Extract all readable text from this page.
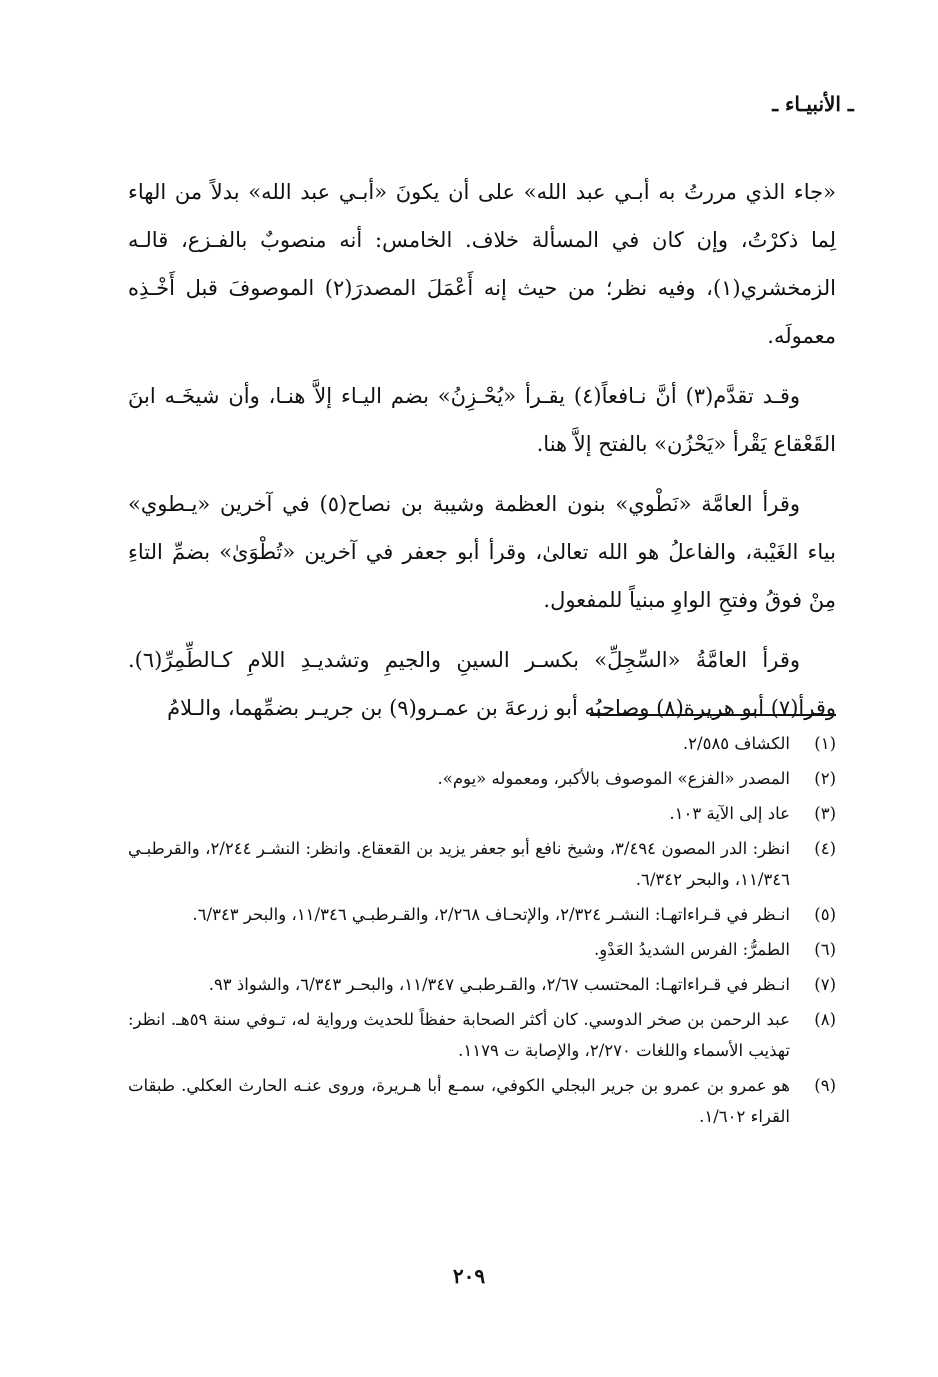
ـ الأنبيـاء ـ

«جاء الذي مررتُ به أبـي عبد الله» على أن يكونَ «أبـي عبد الله» بدلاً من الهاء لِما ذكرْتُ، وإن كان في المسألة خلاف. الخامس: أنه منصوبٌ بالفـزع، قالـه الزمخشري(١)، وفيه نظر؛ من حيث إنه أَعْمَلَ المصدرَ(٢) الموصوفَ قبل أَخْـذِه معمولَه.

وقـد تقدَّم(٣) أنَّ نـافعاً(٤) يقـرأ «يُحْـزِنُ» بضم اليـاء إلاَّ هنـا، وأن شيخَـه ابنَ القَعْقاع يَقْرأ «يَحْزُن» بالفتح إلاَّ هنا.

وقرأ العامَّة «نَطْوي» بنون العظمة وشيبة بن نصاح(٥) في آخرين «يـطوي» بياء الغَيْبة، والفاعلُ هو الله تعالىٰ، وقرأ أبو جعفر في آخرين «تُطْوَىٰ» بضمِّ التاءِ مِنْ فوقُ وفتحِ الواوِ مبنياً للمفعول.

وقرأ العامَّةُ «السِّجِلِّ» بكسـر السينِ والجيمِ وتشديـدِ اللامِ كـالطِّمِرِّ(٦). وقرأ(٧) أبو هريرة(٨) وصاحبُه أبو زرعةَ بن عمـرو(٩) بن جريـر بضمِّهما، والـلامُ

(١)
الكشاف ٢/٥٨٥.
(٢)
المصدر «الفزع» الموصوف بالأكبر، ومعموله «يوم».
(٣)
عاد إلى الآية ١٠٣.
(٤)
انظر: الدر المصون ٣/٤٩٤، وشيخ نافع أبو جعفر يزيد بن القعقاع. وانظر: النشـر ٢/٢٤٤، والقرطبـي ١١/٣٤٦، والبحر ٦/٣٤٢.
(٥)
انـظر في قـراءاتهـا: النشـر ٢/٣٢٤، والإتحـاف ٢/٢٦٨، والقـرطبـي ١١/٣٤٦، والبحر ٦/٣٤٣.
(٦)
الطمرُّ: الفرس الشديدُ العَدْوِ.
(٧)
انـظر في قـراءاتهـا: المحتسب ٢/٦٧، والقـرطبـي ١١/٣٤٧، والبحـر ٦/٣٤٣، والشواذ ٩٣.
(٨)
عبد الرحمن بن صخر الدوسي. كان أكثر الصحابة حفظاً للحديث ورواية له، تـوفي سنة ٥٩هـ. انظر: تهذيب الأسماء واللغات ٢/٢٧٠، والإصابة ت ١١٧٩.
(٩)
هو عمرو بن عمرو بن جرير البجلي الكوفي، سمـع أبا هـريرة، وروى عنـه الحارث العكلي. طبقات القراء ١/٦٠٢.
٢٠٩
